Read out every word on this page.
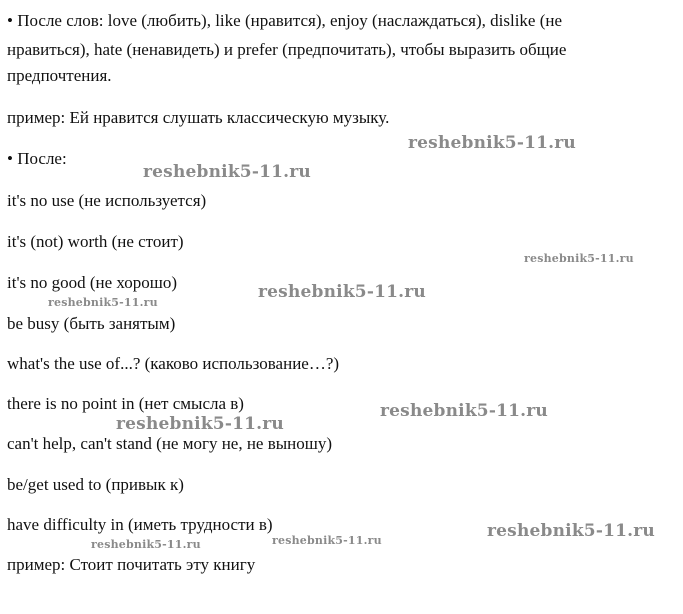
• После слов: love (любить), like (нравится), enjoy (наслаждаться), dislike (не
нравиться), hate (ненавидеть) и prefer (предпочитать), чтобы выразить общие
предпочтения.
пример: Ей нравится слушать классическую музыку.
• После:
it's no use (не используется)
it's (not) worth (не стоит)
it's no good (не хорошо)
be busy (быть занятым)
what's the use of...? (каково использование…?)
there is no point in (нет смысла в)
can't help, can't stand (не могу не, не выношу)
be/get used to (привык к)
have difficulty in (иметь трудности в)
пример: Стоит почитать эту книгу
reshebnik5-11.ru
reshebnik5-11.ru
reshebnik5-11.ru
reshebnik5-11.ru
reshebnik5-11.ru
reshebnik5-11.ru
reshebnik5-11.ru
reshebnik5-11.ru
reshebnik5-11.ru	reshebnik5-11.ru
